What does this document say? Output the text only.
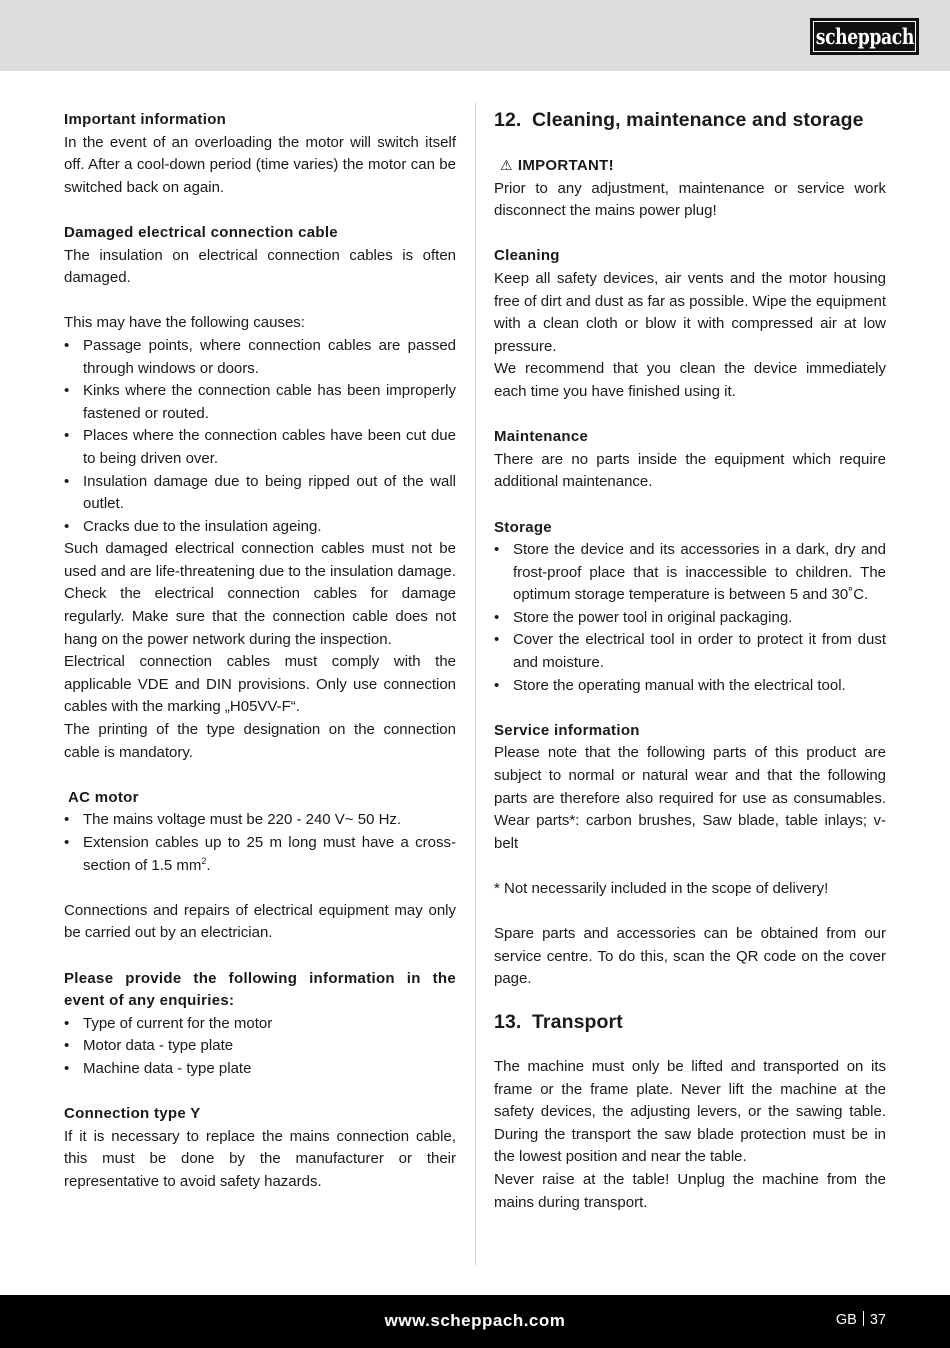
scheppach

Important information

In the event of an overloading the motor will switch itself off. After a cool-down period (time varies) the motor can be switched back on again.

Damaged electrical connection cable

The insulation on electrical connection cables is often damaged.

This may have the following causes:

• Passage points, where connection cables are passed through windows or doors.
• Kinks where the connection cable has been improperly fastened or routed.
• Places where the connection cables have been cut due to being driven over.
• Insulation damage due to being ripped out of the wall outlet.
• Cracks due to the insulation ageing.

Such damaged electrical connection cables must not be used and are life-threatening due to the insulation damage.

Check the electrical connection cables for damage regularly. Make sure that the connection cable does not hang on the power network during the inspection.

Electrical connection cables must comply with the applicable VDE and DIN provisions. Only use connection cables with the marking „H05VV-F“.

The printing of the type designation on the connection cable is mandatory.

AC motor

• The mains voltage must be 220 - 240 V~ 50 Hz.
• Extension cables up to 25 m long must have a cross-section of 1.5 $mm^2$.

Connections and repairs of electrical equipment may only be carried out by an electrician.

Please provide the following information in the event of any enquiries:

• Type of current for the motor
• Motor data - type plate
• Machine data - type plate

Connection type Y

If it is necessary to replace the mains connection cable, this must be done by the manufacturer or their representative to avoid safety hazards.

12. Cleaning, maintenance and storage

⚠ IMPORTANT!

Prior to any adjustment, maintenance or service work disconnect the mains power plug!

Cleaning

Keep all safety devices, air vents and the motor housing free of dirt and dust as far as possible. Wipe the equipment with a clean cloth or blow it with compressed air at low pressure.

We recommend that you clean the device immediately each time you have finished using it.

Maintenance

There are no parts inside the equipment which require additional maintenance.

Storage

• Store the device and its accessories in a dark, dry and frost-proof place that is inaccessible to children. The optimum storage temperature is between 5 and 30˚C.
• Store the power tool in original packaging.
• Cover the electrical tool in order to protect it from dust and moisture.
• Store the operating manual with the electrical tool.

Service information

Please note that the following parts of this product are subject to normal or natural wear and that the following parts are therefore also required for use as consumables. Wear parts*: carbon brushes, Saw blade, table inlays; v-belt

* Not necessarily included in the scope of delivery!

Spare parts and accessories can be obtained from our service centre. To do this, scan the QR code on the cover page.

13. Transport

The machine must only be lifted and transported on its frame or the frame plate. Never lift the machine at the safety devices, the adjusting levers, or the sawing table. During the transport the saw blade protection must be in the lowest position and near the table.

Never raise at the table! Unplug the machine from the mains during transport.

www.scheppach.com	GB 37
